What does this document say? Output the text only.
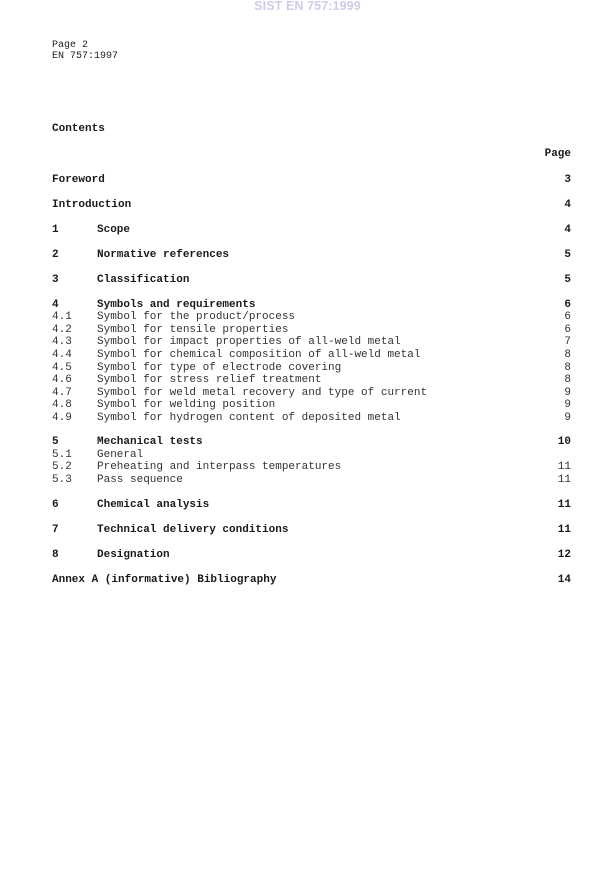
SIST EN 757:1999
Page 2
EN 757:1997
Contents
Page
Foreword	3
Introduction	4
1	Scope	4
2	Normative references	5
3	Classification	5
4	Symbols and requirements	6
4.1 Symbol for the product/process	6
4.2 Symbol for tensile properties	6
4.3 Symbol for impact properties of all-weld metal	7
4.4 Symbol for chemical composition of all-weld metal	8
4.5 Symbol for type of electrode covering	8
4.6 Symbol for stress relief treatment	8
4.7 Symbol for weld metal recovery and type of current	9
4.8 Symbol for welding position	9
4.9 Symbol for hydrogen content of deposited metal	9
5	Mechanical tests	10
5.1 General
5.2 Preheating and interpass temperatures	11
5.3 Pass sequence	11
6	Chemical analysis	11
7	Technical delivery conditions	11
8	Designation	12
Annex A (informative) Bibliography	14
